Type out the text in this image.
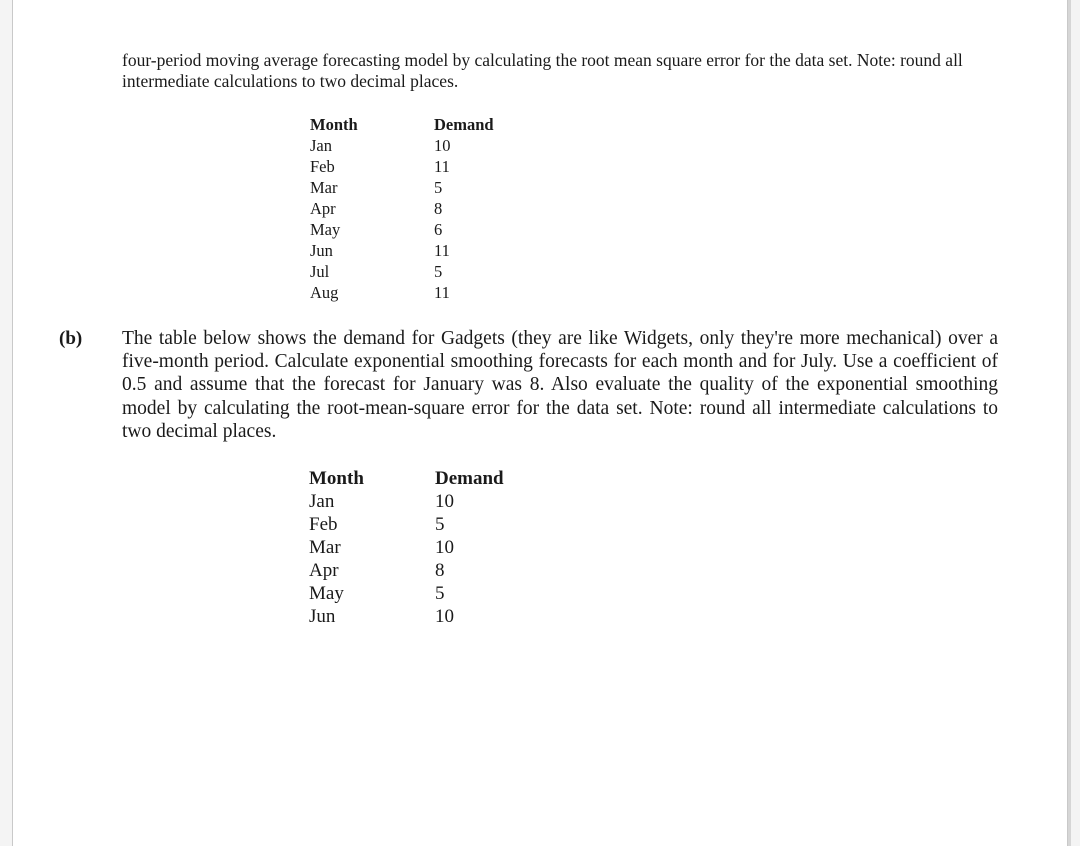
four-period moving average forecasting model by calculating the root mean square error for the data set. Note: round all intermediate calculations to two decimal places.
Month
Jan
Feb
Mar
Apr
May
Jun
Jul
Aug
Demand
10
11
5
8
6
11
5
11
(b) The table below shows the demand for Gadgets (they are like Widgets, only they're more mechanical) over a five-month period. Calculate exponential smoothing forecasts for each month and for July. Use a coefficient of 0.5 and assume that the forecast for January was 8. Also evaluate the quality of the exponential smoothing model by calculating the root-mean-square error for the data set. Note: round all intermediate calculations to two decimal places.
Month
Jan
Feb
Mar
Apr
May
Jun
Demand
10
5
10
8
5
10
